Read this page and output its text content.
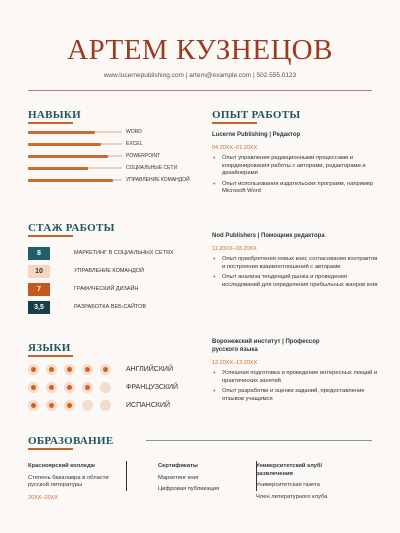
АРТЕМ КУЗНЕЦОВ
www.lucernepublishing.com | artem@example.com | 502.555.0123
НАВЫКИ
WORD
EXCEL
POWERPOINT
СОЦИАЛЬНЫЕ СЕТИ
УПРАВЛЕНИЕ КОМАНДОЙ
СТАЖ РАБОТЫ
8	МАРКЕТИНГ В СОЦИАЛЬНЫХ СЕТЯХ
10	УПРАВЛЕНИЕ КОМАНДОЙ
7	ГРАФИЧЕСКИЙ ДИЗАЙН
3,5	РАЗРАБОТКА ВЕБ-САЙТОВ
ЯЗЫКИ
АНГЛИЙСКИЙ
ФРАНЦУЗСКИЙ
ИСПАНСКИЙ
ОПЫТ РАБОТЫ
Lucerne Publishing | Редактор
04.20XX–01.20XX
• Опыт управления редакционными процессами и координирования работы с авторами, редакторами и дизайнерами
• Опыт использования издательских программ, например Microsoft Word
Nod Publishers | Помощник редактора
11.20XX–03.20XX
• Опыт приобретения новых книг, согласования контрактов и построения взаимоотношений с авторами
• Опыт анализа тенденций рынка и проведения исследований для определения прибыльных жанров книг
Воронежский институт | Профессор русского языка
12.20XX–12.20XX
• Успешная подготовка и проведение интересных лекций и практических занятий
• Опыт разработки и оценки заданий, предоставление отзывов учащимся
ОБРАЗОВАНИЕ
Красноярский колледж
Степень бакалавра в области русской литературы
20XX–20XX
Сертификаты
Маркетинг книг
Цифровая публикация
Университетский клуб/развлечения
Университетская газета
Член литературного клуба
